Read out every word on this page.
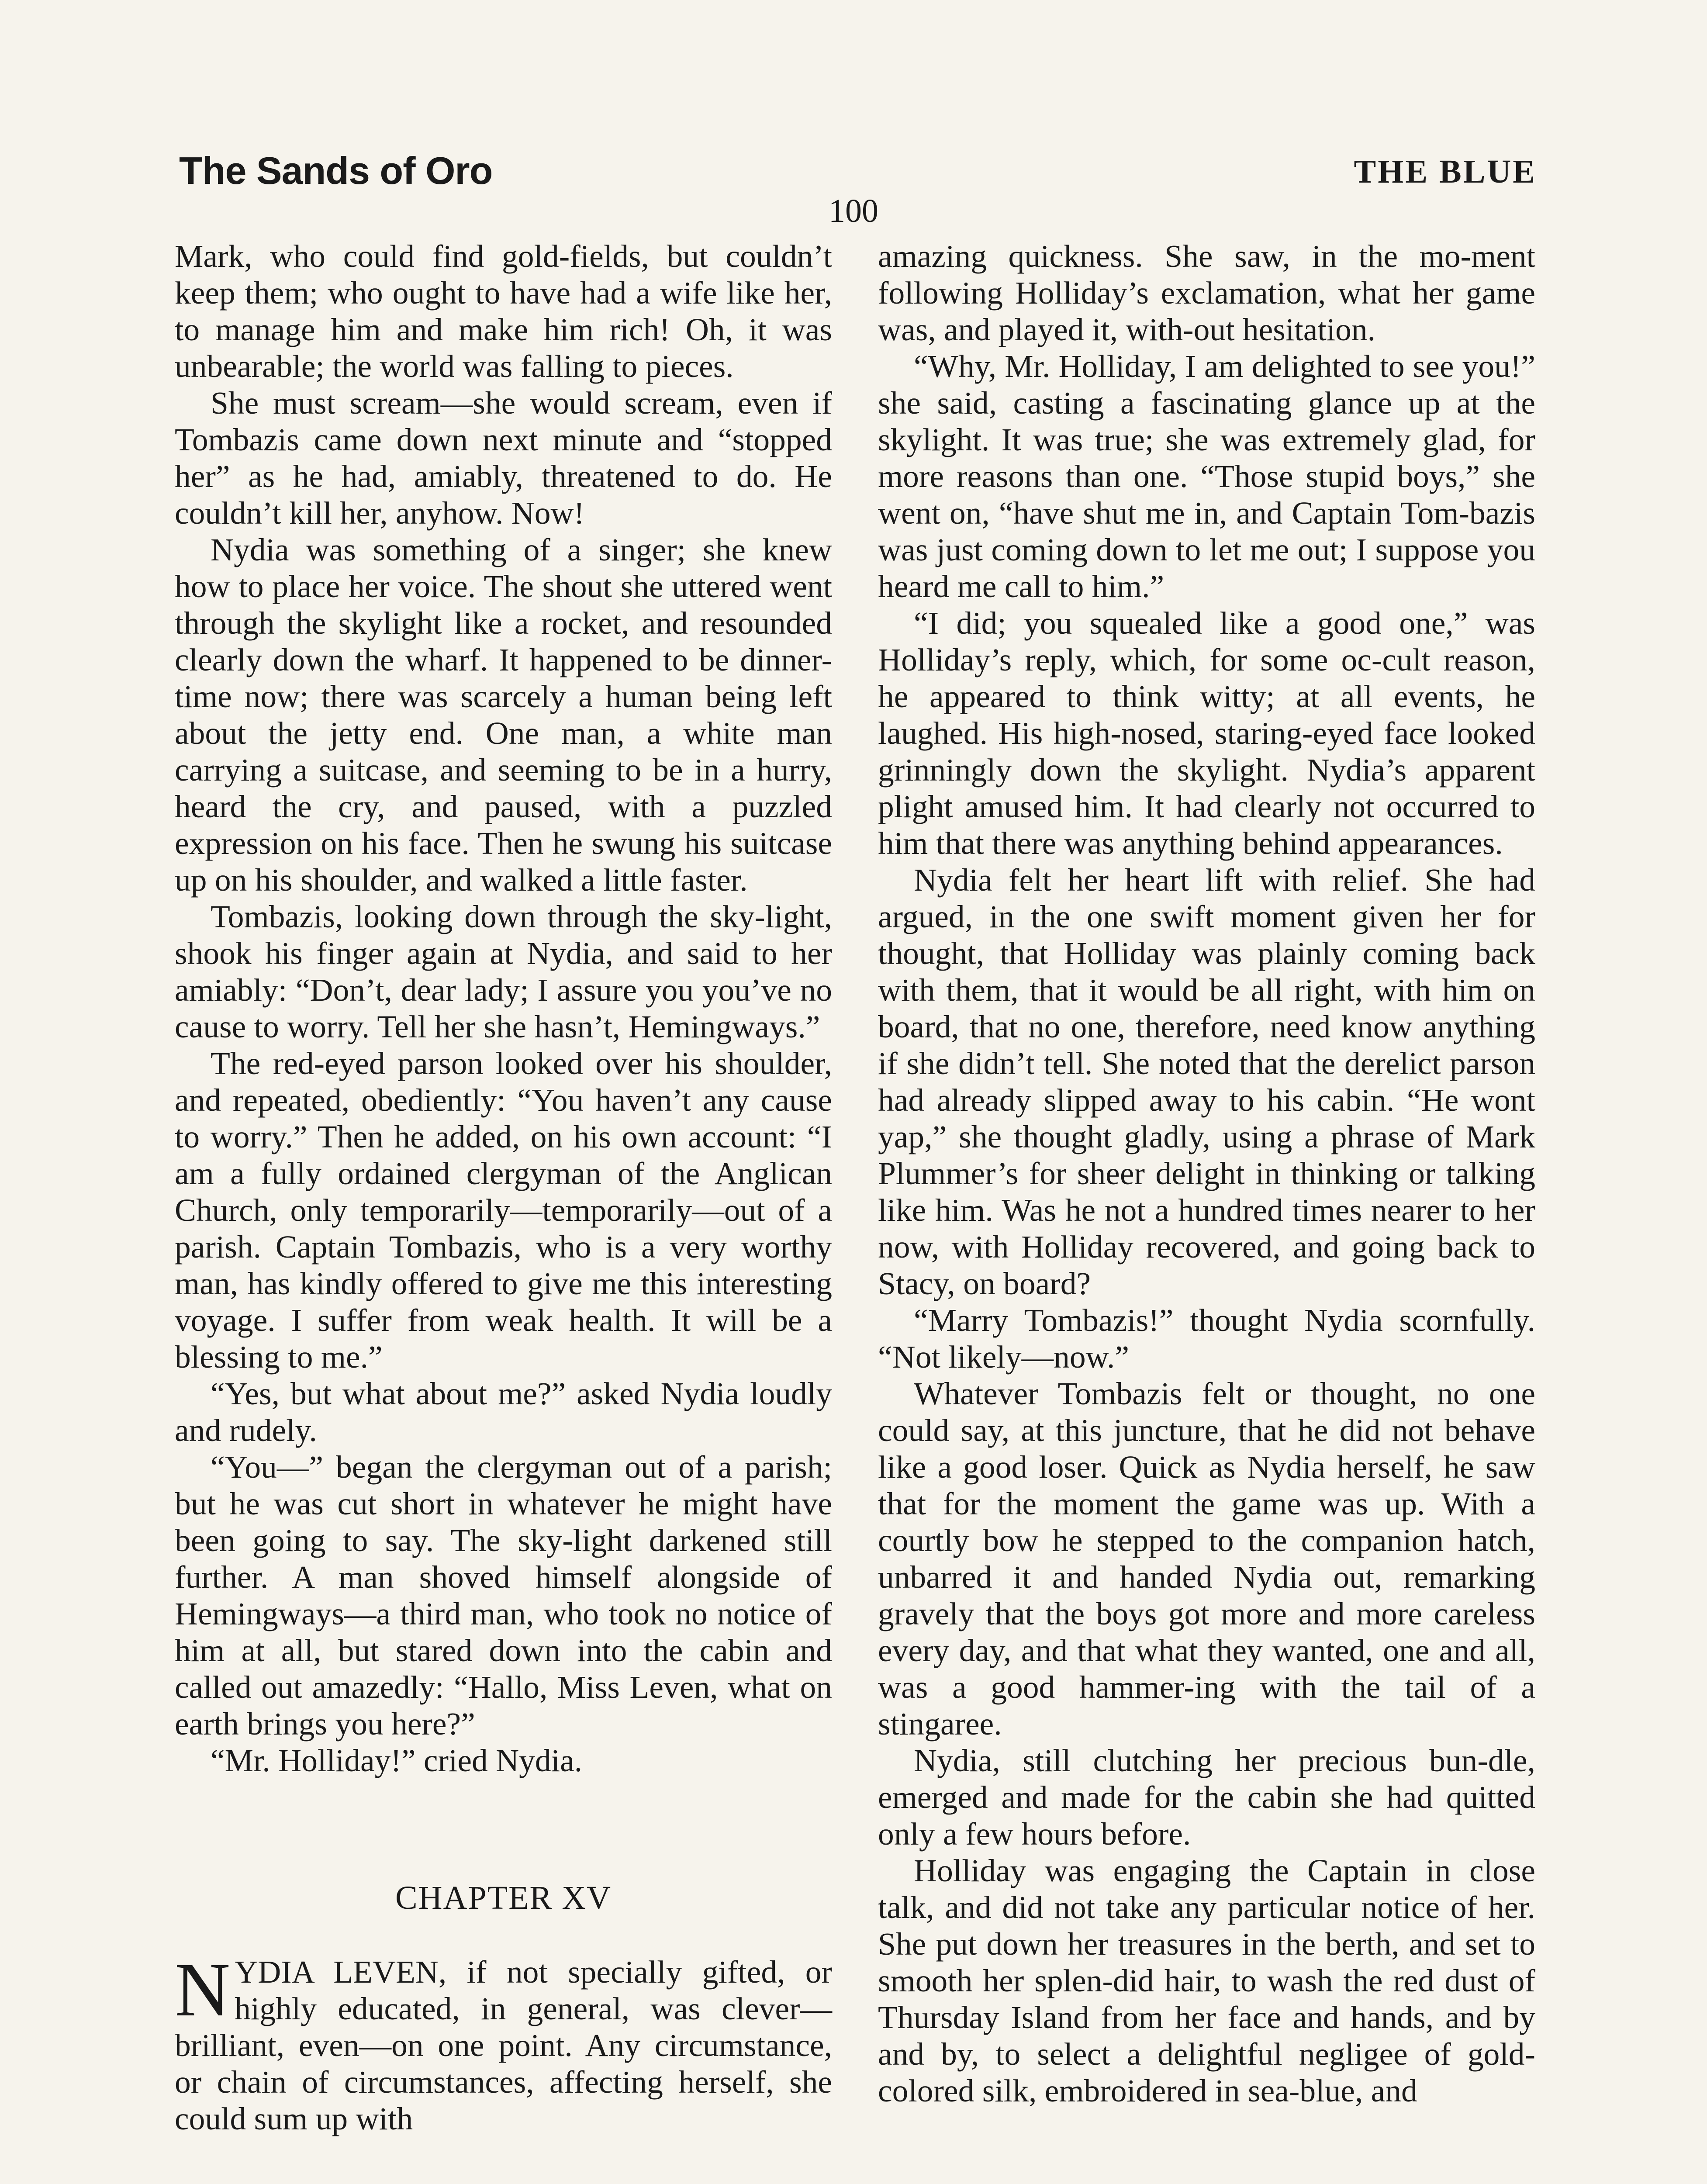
The Sands of Oro	THE BLUE
100

Mark, who could find gold-fields, but couldn’t keep them; who ought to have had a wife like her, to manage him and make him rich! Oh, it was unbearable; the world was falling to pieces.

She must scream—she would scream, even if Tombazis came down next minute and “stopped her” as he had, amiably, threatened to do. He couldn’t kill her, anyhow. Now!

Nydia was something of a singer; she knew how to place her voice. The shout she uttered went through the skylight like a rocket, and resounded clearly down the wharf. It happened to be dinner-time now; there was scarcely a human being left about the jetty end. One man, a white man carrying a suitcase, and seeming to be in a hurry, heard the cry, and paused, with a puzzled expression on his face. Then he swung his suitcase up on his shoulder, and walked a little faster.

Tombazis, looking down through the sky-light, shook his finger again at Nydia, and said to her amiably: “Don’t, dear lady; I assure you you’ve no cause to worry. Tell her she hasn’t, Hemingways.”

The red-eyed parson looked over his shoulder, and repeated, obediently: “You haven’t any cause to worry.” Then he added, on his own account: “I am a fully ordained clergyman of the Anglican Church, only temporarily—temporarily—out of a parish. Captain Tombazis, who is a very worthy man, has kindly offered to give me this interesting voyage. I suffer from weak health. It will be a blessing to me.”

“Yes, but what about me?” asked Nydia loudly and rudely.

“You—” began the clergyman out of a parish; but he was cut short in whatever he might have been going to say. The sky-light darkened still further. A man shoved himself alongside of Hemingways—a third man, who took no notice of him at all, but stared down into the cabin and called out amazedly: “Hallo, Miss Leven, what on earth brings you here?”

“Mr. Holliday!” cried Nydia.

CHAPTER XV

NYDIA LEVEN, if not specially gifted, or highly educated, in general, was clever—brilliant, even—on one point. Any circumstance, or chain of circumstances, affecting herself, she could sum up with

amazing quickness. She saw, in the mo-ment following Holliday’s exclamation, what her game was, and played it, with-out hesitation.

“Why, Mr. Holliday, I am delighted to see you!” she said, casting a fascinating glance up at the skylight. It was true; she was extremely glad, for more reasons than one. “Those stupid boys,” she went on, “have shut me in, and Captain Tom-bazis was just coming down to let me out; I suppose you heard me call to him.”

“I did; you squealed like a good one,” was Holliday’s reply, which, for some oc-cult reason, he appeared to think witty; at all events, he laughed. His high-nosed, staring-eyed face looked grinningly down the skylight. Nydia’s apparent plight amused him. It had clearly not occurred to him that there was anything behind appearances.

Nydia felt her heart lift with relief. She had argued, in the one swift moment given her for thought, that Holliday was plainly coming back with them, that it would be all right, with him on board, that no one, therefore, need know anything if she didn’t tell. She noted that the derelict parson had already slipped away to his cabin. “He wont yap,” she thought gladly, using a phrase of Mark Plummer’s for sheer delight in thinking or talking like him. Was he not a hundred times nearer to her now, with Holliday recovered, and going back to Stacy, on board?

“Marry Tombazis!” thought Nydia scornfully. “Not likely—now.”

Whatever Tombazis felt or thought, no one could say, at this juncture, that he did not behave like a good loser. Quick as Nydia herself, he saw that for the moment the game was up. With a courtly bow he stepped to the companion hatch, unbarred it and handed Nydia out, remarking gravely that the boys got more and more careless every day, and that what they wanted, one and all, was a good hammer-ing with the tail of a stingaree.

Nydia, still clutching her precious bun-dle, emerged and made for the cabin she had quitted only a few hours before.

Holliday was engaging the Captain in close talk, and did not take any particular notice of her. She put down her treasures in the berth, and set to smooth her splen-did hair, to wash the red dust of Thursday Island from her face and hands, and by and by, to select a delightful negligee of gold-colored silk, embroidered in sea-blue, and
